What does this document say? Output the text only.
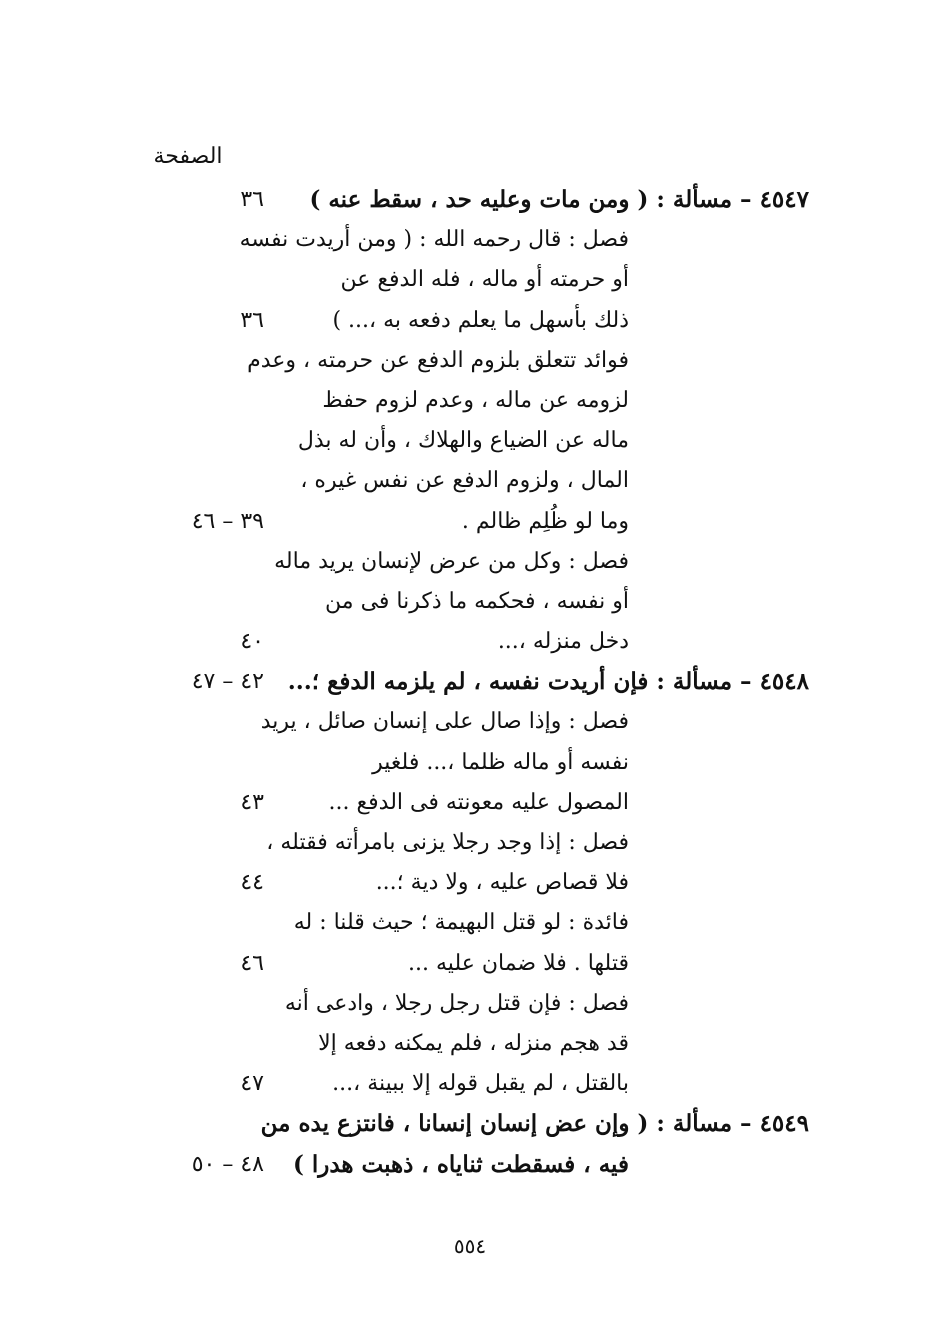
الصفحة
٤٥٤٧ – مسألة : ( ومن مات وعليه حد ، سقط عنه )
٣٦
فصل : قال رحمه الله : ( ومن أريدت نفسه
أو حرمته أو ماله ، فله الدفع عن
ذلك بأسهل ما يعلم دفعه به ،... )
٣٦
فوائد تتعلق بلزوم الدفع عن حرمته ، وعدم
لزومه عن ماله ، وعدم لزوم حفظ
ماله عن الضياع والهلاك ، وأن له بذل
المال ، ولزوم الدفع عن نفس غيره ،
وما لو ظُلِم ظالم .
٣٩ – ٤٦
فصل : وكل من عرض لإنسان يريد ماله
أو نفسه ، فحكمه ما ذكرنا فى من
دخل منزله ،...
٤٠
٤٥٤٨ – مسألة : فإن أريدت نفسه ، لم يلزمه الدفع ؛...
٤٢ – ٤٧
فصل : وإذا صال على إنسان صائل ، يريد
نفسه أو ماله ظلما ،... فلغير
المصول عليه معونته فى الدفع ...
٤٣
فصل : إذا وجد رجلا يزنى بامرأته فقتله ،
فلا قصاص عليه ، ولا دية ؛...
٤٤
فائدة : لو قتل البهيمة ؛ حيث قلنا : له
قتلها . فلا ضمان عليه ...
٤٦
فصل : فإن قتل رجل رجلا ، وادعى أنه
قد هجم منزله ، فلم يمكنه دفعه إلا
بالقتل ، لم يقبل قوله إلا ببينة ،...
٤٧
٤٥٤٩ – مسألة : ( وإن عض إنسان إنسانا ، فانتزع يده من
فيه ، فسقطت ثناياه ، ذهبت هدرا )
٤٨ – ٥٠
٥٥٤
